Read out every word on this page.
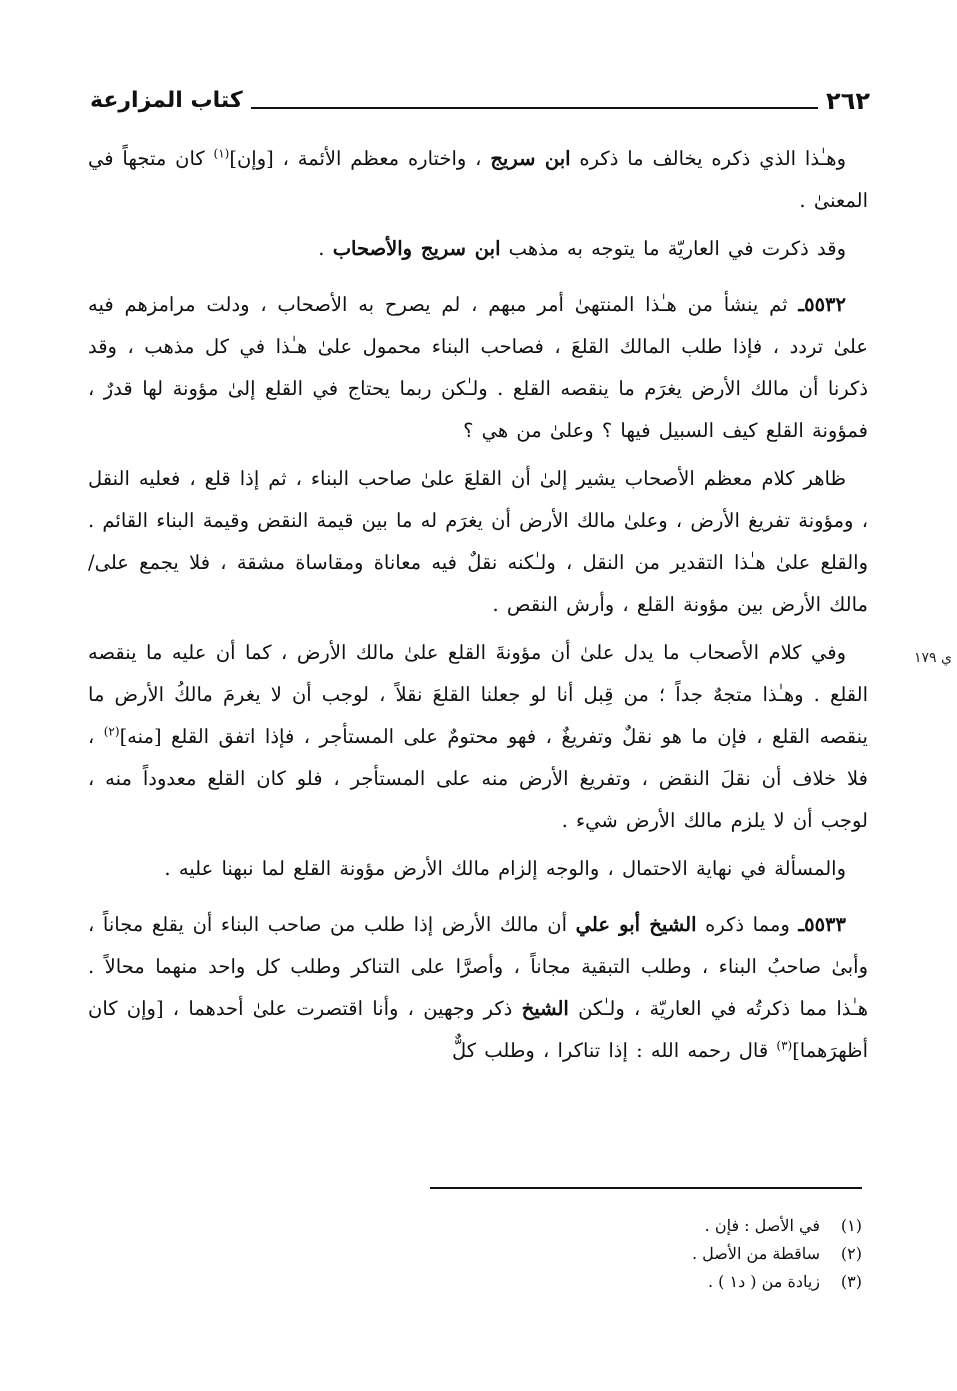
٢٦٢
كتاب المزارعة

وهـٰذا الذي ذكره يخالف ما ذكره ابن سريج ، واختاره معظم الأئمة ، [وإن]$^{(١)}$ كان متجهاً في المعنىٰ .

وقد ذكرت في العاريّة ما يتوجه به مذهب ابن سريج والأصحاب .

٥٥٣٢ـ ثم ينشأ من هـٰذا المنتهىٰ أمر مبهم ، لم يصرح به الأصحاب ، ودلت مرامزهم فيه علىٰ تردد ، فإذا طلب المالك القلعَ ، فصاحب البناء محمول علىٰ هـٰذا في كل مذهب ، وقد ذكرنا أن مالك الأرض يغرَم ما ينقصه القلع . ولـٰكن ربما يحتاج في القلع إلىٰ مؤونة لها قدرٌ ، فمؤونة القلع كيف السبيل فيها ؟ وعلىٰ من هي ؟

ظاهر كلام معظم الأصحاب يشير إلىٰ أن القلعَ علىٰ صاحب البناء ، ثم إذا قلع ، فعليه النقل ، ومؤونة تفريغ الأرض ، وعلىٰ مالك الأرض أن يغرَم له ما بين قيمة النقض وقيمة البناء القائم . والقلع علىٰ هـٰذا التقدير من النقل ، ولـٰكنه نقلٌ فيه معاناة ومقاساة مشقة ، فلا يجمع على/ مالك الأرض بين مؤونة القلع ، وأرش النقص .

وفي كلام الأصحاب ما يدل علىٰ أن مؤونةَ القلع علىٰ مالك الأرض ، كما أن عليه ما ينقصه القلع . وهـٰذا متجهٌ جداً ؛ من قِبل أنا لو جعلنا القلعَ نقلاً ، لوجب أن لا يغرمَ مالكُ الأرض ما ينقصه القلع ، فإن ما هو نقلٌ وتفريغٌ ، فهو محتومٌ على المستأجر ، فإذا اتفق القلع [منه]$^{(٢)}$ ، فلا خلاف أن نقلَ النقض ، وتفريغ الأرض منه على المستأجر ، فلو كان القلع معدوداً منه ، لوجب أن لا يلزم مالك الأرض شيء .

والمسألة في نهاية الاحتمال ، والوجه إلزام مالك الأرض مؤونة القلع لما نبهنا عليه .

٥٥٣٣ـ ومما ذكره الشيخ أبو علي أن مالك الأرض إذا طلب من صاحب البناء أن يقلع مجاناً ، وأبىٰ صاحبُ البناء ، وطلب التبقية مجاناً ، وأصرَّا على التناكر وطلب كل واحد منهما محالاً . هـٰذا مما ذكرتُه في العاريّة ، ولـٰكن الشيخ ذكر وجهين ، وأنا اقتصرت علىٰ أحدهما ، [وإن كان أظهرَهما]$^{(٣)}$ قال رحمه الله : إذا تناكرا ، وطلب كلٌّ

ي ١٧٩
(١)
في الأصل : فإن .
(٢)
ساقطة من الأصل .
(٣)
زيادة من ( د١ ) .
